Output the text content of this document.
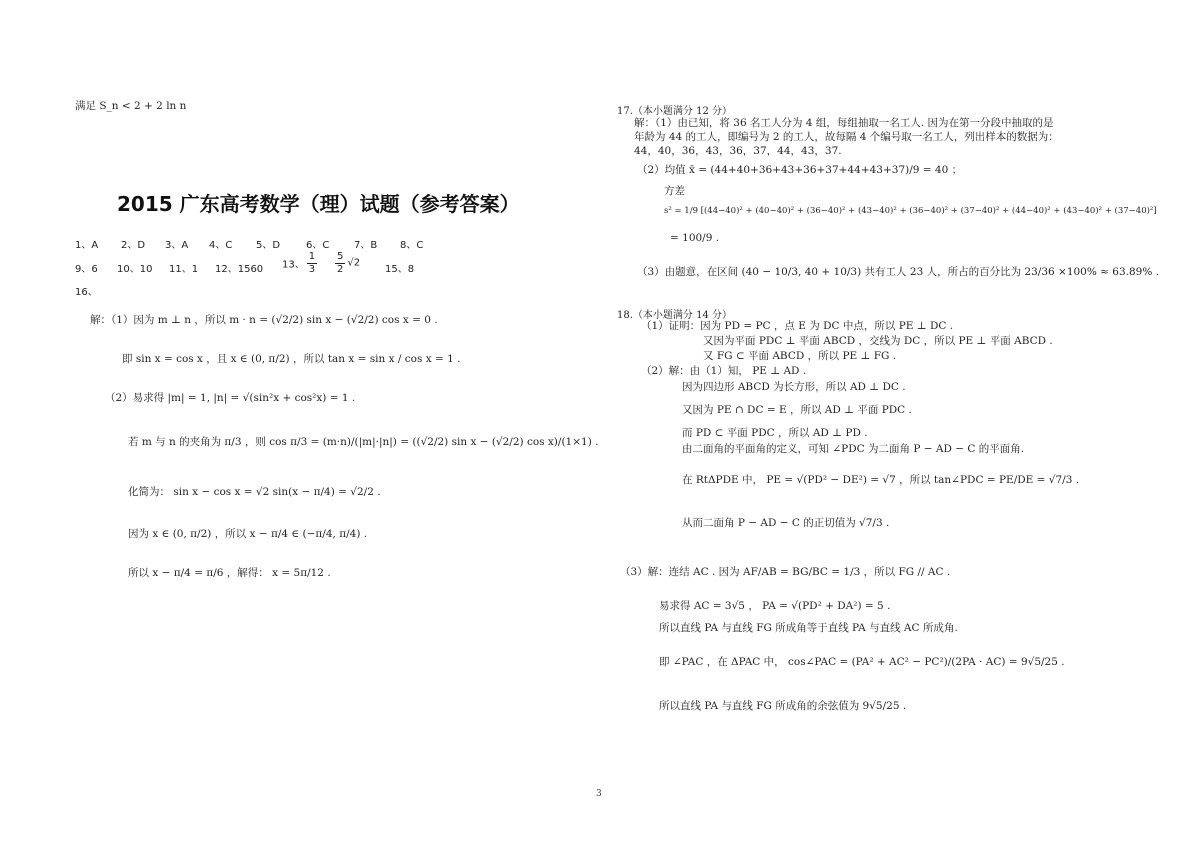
满足 S_n < 2 + 2 ln n
2015 广东高考数学（理）试题（参考答案）
1、A 2、D 3、A 4、C 5、D	6、C 7、B 8、C
9、6 10、10 11、1 12、1560 13、 $\frac{1}{3} \frac{5}{2} √2$
15、8
16、
解：（1）因为 m ⊥ n ，所以 m · n = (√2/2) sin x − (√2/2) cos x = 0 .
即 sin x = cos x ，且 x ∈ (0, π/2) ，所以 tan x = sin x / cos x = 1 .
（2）易求得 |m| = 1, |n| = √(sin²x + cos²x) = 1 .
若 m 与 n 的夹角为 π/3 ，则 cos π/3 = (m·n)/(|m|·|n|) = ((√2/2) sin x − (√2/2) cos x)/(1×1) .
化简为： sin x − cos x = √2 sin(x − π/4) = √2/2 .
因为 x ∈ (0, π/2) ，所以 x − π/4 ∈ (−π/4, π/4) .
所以 x − π/4 = π/6 ，解得： x = 5π/12 .
17.（本小题满分 12 分）
解：（1）由已知，将 36 名工人分为 4 组，每组抽取一名工人. 因为在第一分段中抽取的是
年龄为 44 的工人，即编号为 2 的工人，故每隔 4 个编号取一名工人，列出样本的数据为：
44，40，36，43，36，37，44，43，37.
（2）均值 x̄ = (44+40+36+43+36+37+44+43+37)/9 = 40 ；
方差
s² = 1/9 [(44−40)² + (40−40)² + (36−40)² + (43−40)² + (36−40)² + (37−40)² + (44−40)² + (43−40)² + (37−40)²]
= 100/9 .
（3）由题意，在区间 (40 − 10/3, 40 + 10/3) 共有工人 23 人，所占的百分比为 23/36 ×100% ≈ 63.89% .
18.（本小题满分 14 分）
（1）证明：因为 PD = PC ，点 E 为 DC 中点，所以 PE ⊥ DC .
又因为平面 PDC ⊥ 平面 ABCD ，交线为 DC ，所以 PE ⊥ 平面 ABCD .
又 FG ⊂ 平面 ABCD ，所以 PE ⊥ FG .
（2）解：由（1）知， PE ⊥ AD .
因为四边形 ABCD 为长方形，所以 AD ⊥ DC .
又因为 PE ∩ DC = E ，所以 AD ⊥ 平面 PDC .
而 PD ⊂ 平面 PDC ，所以 AD ⊥ PD .
由二面角的平面角的定义，可知 ∠PDC 为二面角 P − AD − C 的平面角.
在 RtΔPDE 中， PE = √(PD² − DE²) = √7 ，所以 tan∠PDC = PE/DE = √7/3 .
从而二面角 P − AD − C 的正切值为 √7/3 .
（3）解：连结 AC . 因为 AF/AB = BG/BC = 1/3 ，所以 FG // AC .
易求得 AC = 3√5 ， PA = √(PD² + DA²) = 5 .
所以直线 PA 与直线 FG 所成角等于直线 PA 与直线 AC 所成角.
即 ∠PAC ，在 ΔPAC 中， cos∠PAC = (PA² + AC² − PC²)/(2PA · AC) = 9√5/25 .
所以直线 PA 与直线 FG 所成角的余弦值为 9√5/25 .
3
